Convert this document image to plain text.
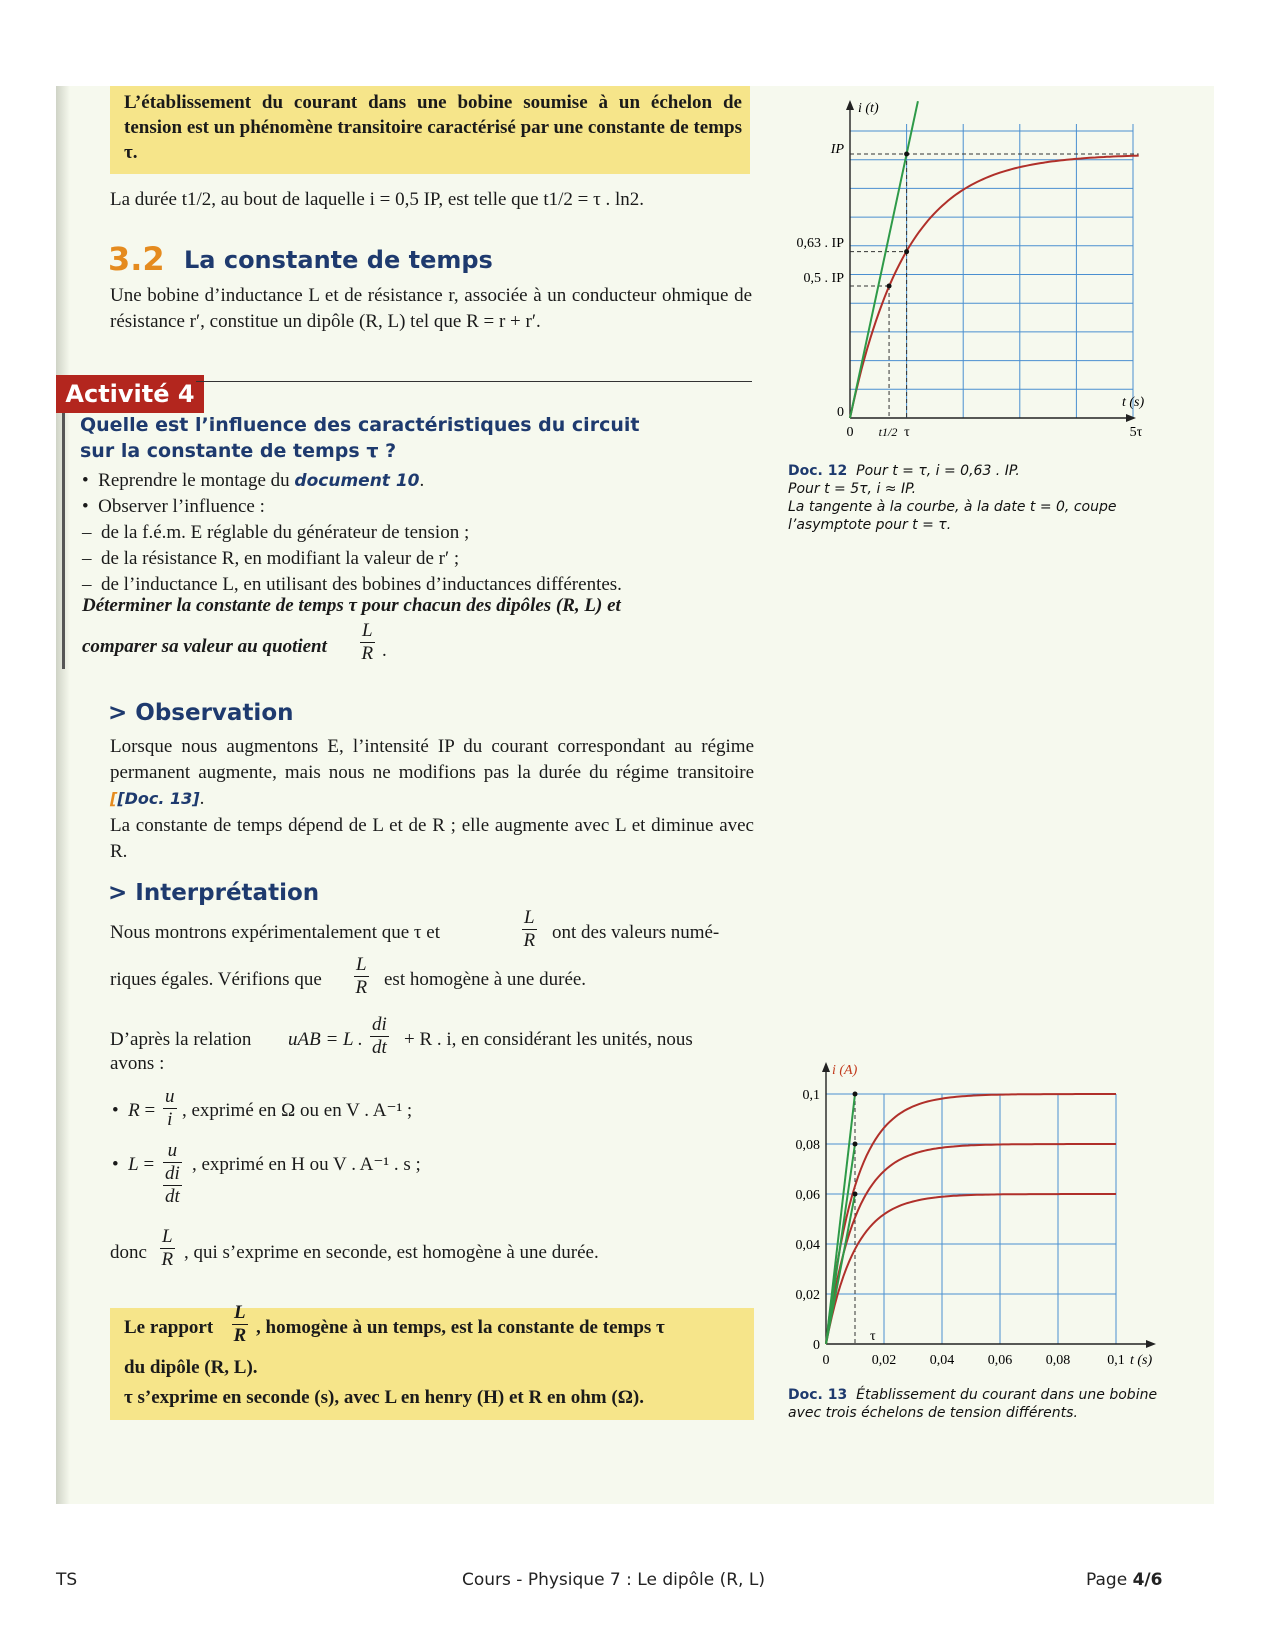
L’établissement du courant dans une bobine soumise à un échelon de tension est un phénomène transitoire caractérisé par une constante de temps τ.
La durée t1/2, au bout de laquelle i = 0,5 IP, est telle que t1/2 = τ . ln2.
3.2 La constante de temps
Une bobine d’inductance L et de résistance r, associée à un conducteur ohmique de résistance r′, constitue un dipôle (R, L) tel que R = r + r′.
Activité 4
Quelle est l’influence des caractéristiques du circuit sur la constante de temps τ ?
•  Reprendre le montage du document 10.
•  Observer l’influence :
–  de la f.é.m. E réglable du générateur de tension ;
–  de la résistance R, en modifiant la valeur de r′ ;
–  de l’inductance L, en utilisant des bobines d’inductances différentes.
Déterminer la constante de temps τ pour chacun des dipôles (R, L) et
comparer sa valeur au quotient $\frac{L}{R}$ .
> Observation
Lorsque nous augmentons E, l’intensité IP du courant correspondant au régime permanent augmente, mais nous ne modifions pas la durée du régime transitoire [[Doc. 13].
La constante de temps dépend de L et de R ; elle augmente avec L et diminue avec R.
> Interprétation
Nous montrons expérimentalement que τ et	$\frac{L}{R}$ ont des valeurs numé-
riques égales. Vérifions que $\frac{L}{R}$ est homogène à une durée.
D’après la relation uAB = L . $\frac{di}{dt} + R$ . i, en considérant les unités, nous
avons :
•  $R = \frac{u}{i}$ , exprimé en Ω ou en V . A⁻¹ ;
•  L =
u
di
dt
, exprimé en H ou V . A⁻¹ . s ;
donc $\frac{L}{R}$ , qui s’exprime en seconde, est homogène à une durée.
Le rapport $\frac{L}{R}$ , homogène à un temps, est la constante de temps τ
du dipôle (R, L).
τ s’exprime en seconde (s), avec L en henry (H) et R en ohm (Ω).
i (t)
t (s)
IP
0,63 . IP
0,5 . IP
0
0 t1/2 τ	5τ
Doc. 12 Pour t = τ, i = 0,63 . IP.
Pour t = 5τ, i ≈ IP.
La tangente à la courbe, à la date t = 0, coupe
l’asymptote pour t = τ.
i (A)
t (s)
0,1
0,08
0,06
0,04
0,02
0
0	0,02 0,04 0,06 0,08	0,1
τ
Doc. 13 Établissement du courant dans une bobine
avec trois échelons de tension différents.
TS	Cours - Physique 7 : Le dipôle (R, L)	Page 4/6
